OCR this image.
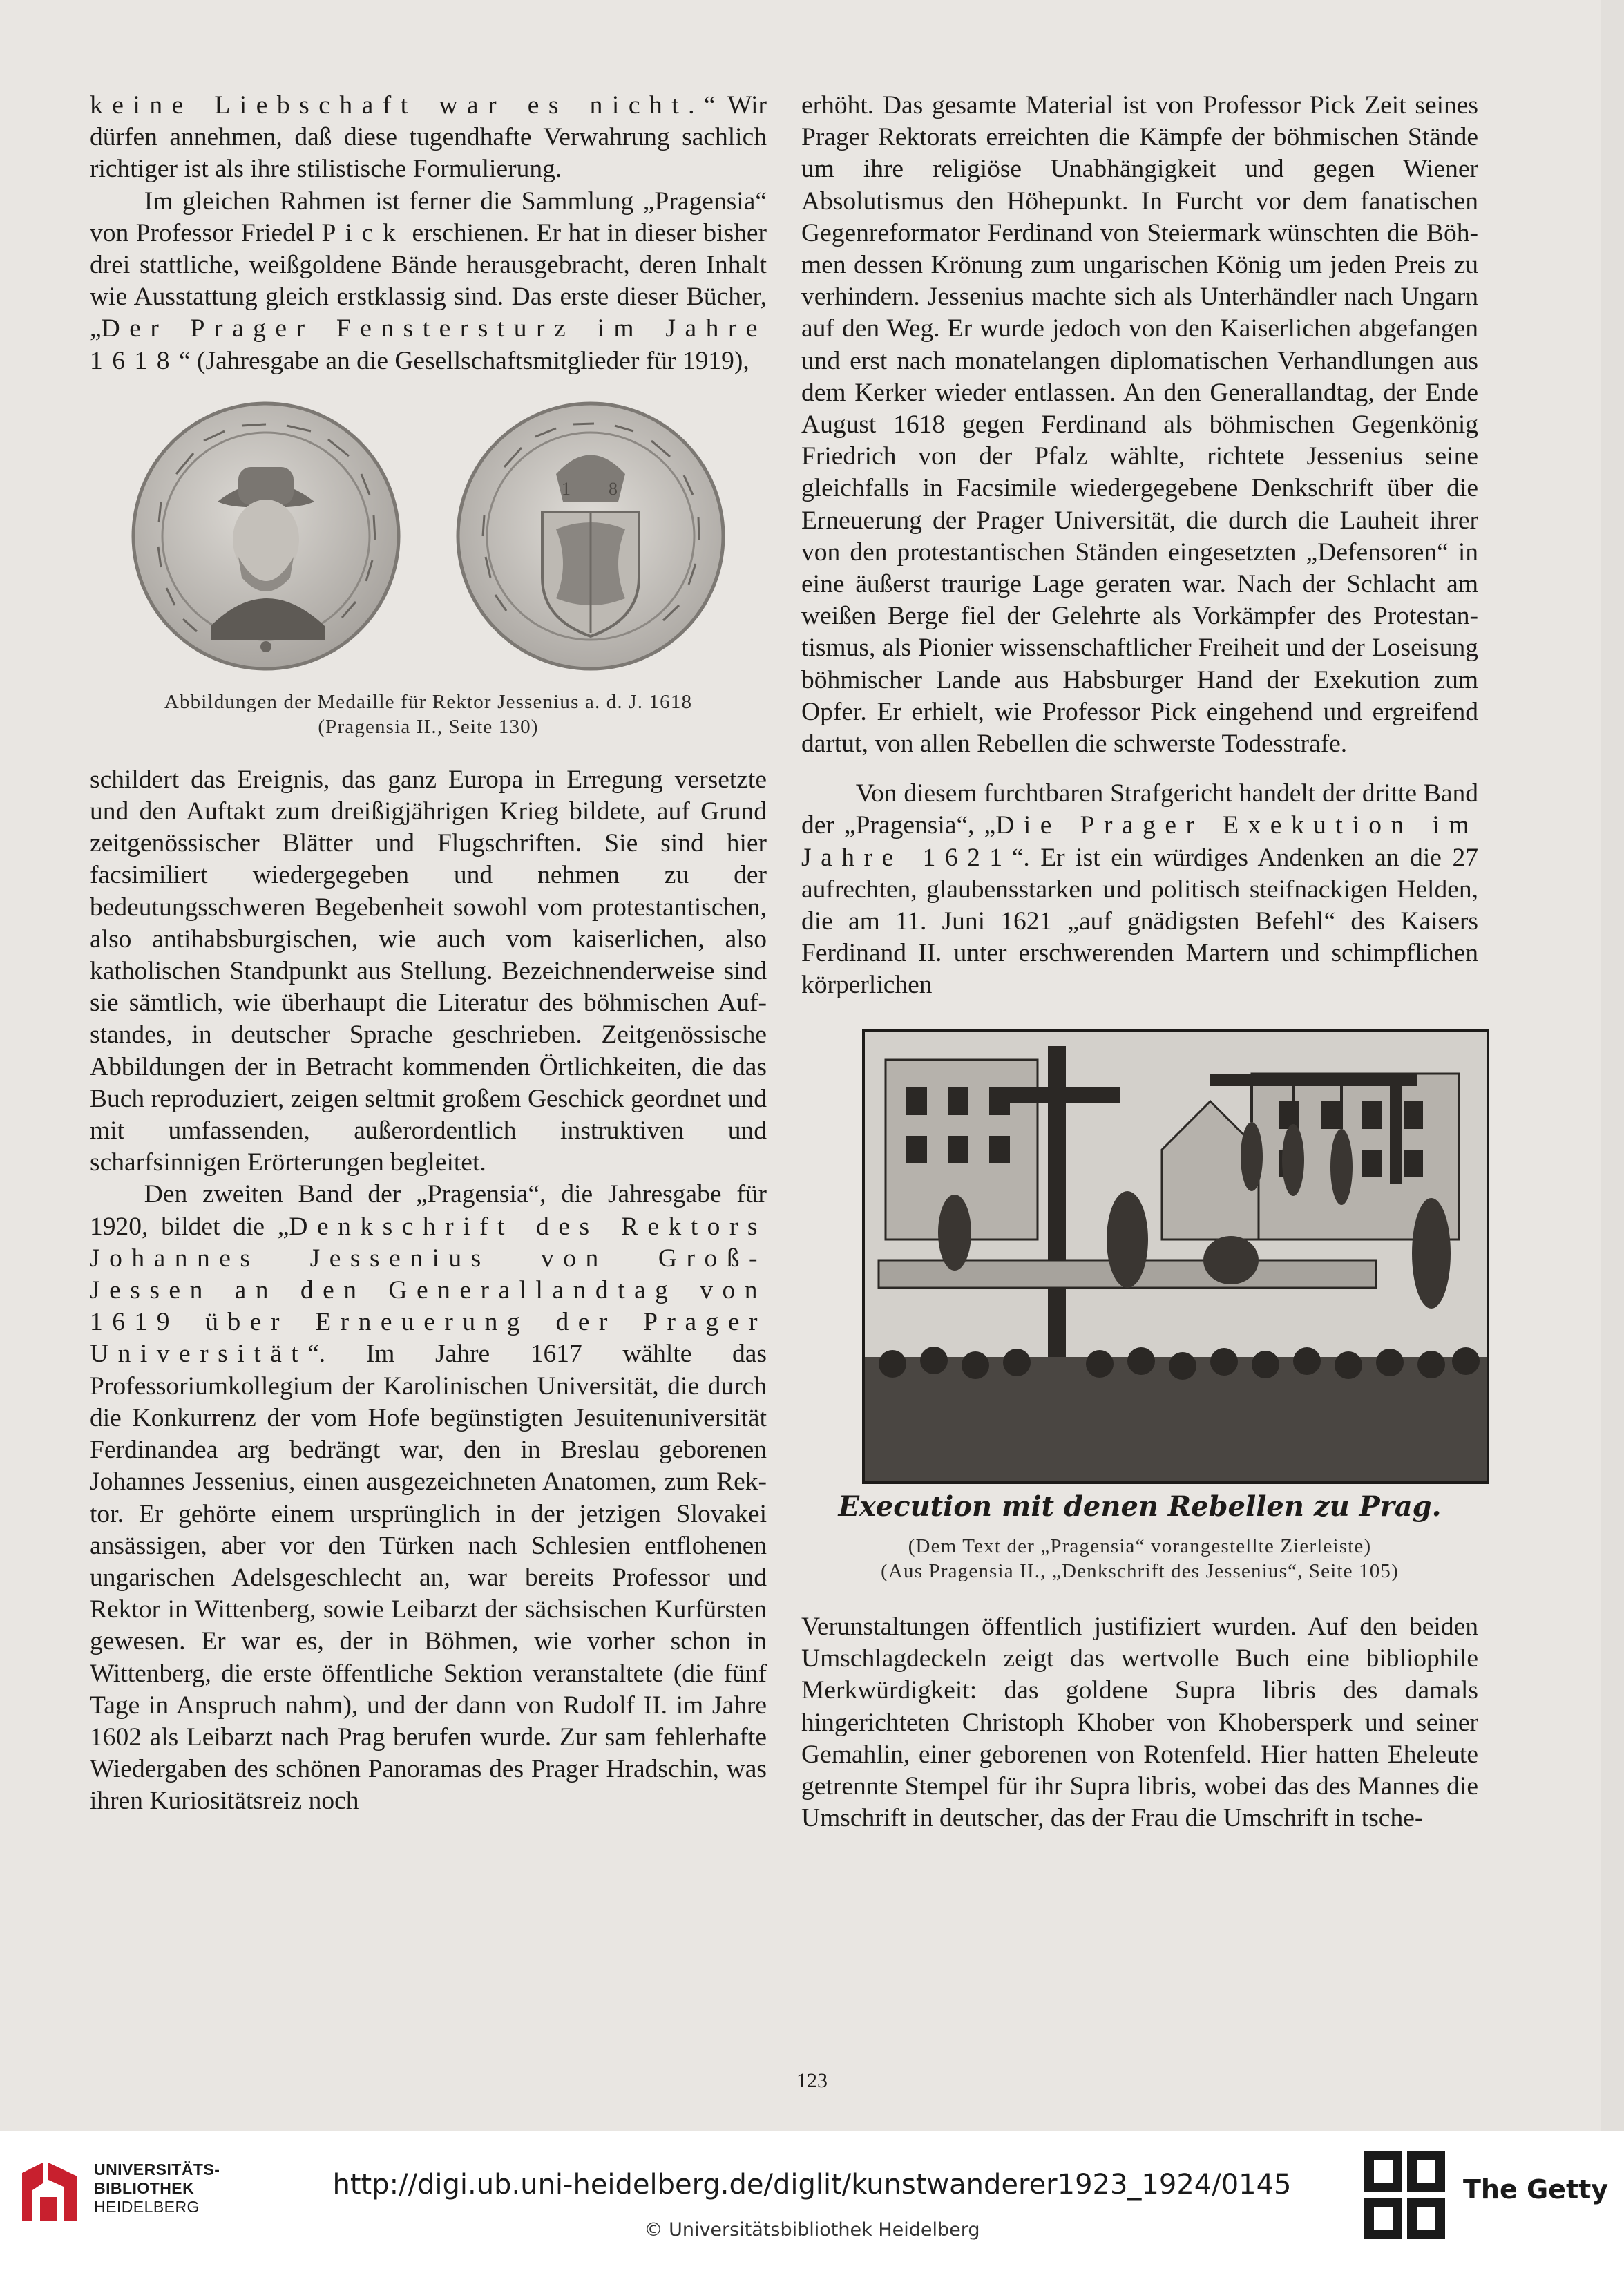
keine Liebschaft war es nicht.“ Wir dürfen annehmen, daß diese tugendhafte Verwahrung sachlich richtiger ist als ihre stilistische Formulierung.

Im gleichen Rahmen ist ferner die Sammlung „Pragensia“ von Professor Friedel Pick erschienen. Er hat in dieser bisher drei stattliche, weißgoldene Bände herausgebracht, deren Inhalt wie Ausstattung gleich erstklassig sind. Das erste dieser Bücher, „Der Prager Fenstersturz im Jahre 1618“ (Jahresgabe an die Gesellschaftsmitglieder für 1919),

1 8
Abbildungen der Medaille für Rektor Jessenius a. d. J. 1618
(Pragensia II., Seite 130)

schildert das Ereignis, das ganz Europa in Erregung versetzte und den Auftakt zum dreißigjährigen Krieg bildete, auf Grund zeitgenössischer Blätter und Flugschriften. Sie sind hier facsimiliert wiedergegeben und nehmen zu der bedeutungsschweren Begebenheit sowohl vom protestantischen, also antihabsburgischen, wie auch vom kaiserlichen, also katholischen Standpunkt aus Stellung. Bezeichnenderweise sind sie sämtlich, wie überhaupt die Literatur des böhmischen Aufstandes, in deutscher Sprache geschrieben. Zeitgenössische Abbildungen der in Betracht kommenden Örtlichkeiten, die das Buch reproduziert, zeigen seltmit großem Geschick geordnet und mit umfassenden, außerordentlich instruktiven und scharfsinnigen Erörterungen begleitet.

Den zweiten Band der „Pragensia“, die Jahresgabe für 1920, bildet die „Denkschrift des Rektors Johannes Jessenius von Groß-Jessen an den Generallandtag von 1619 über Erneuerung der Prager Universität“. Im Jahre 1617 wählte das Professoriumkollegium der Karolinischen Universität, die durch die Konkurrenz der vom Hofe begünstigten Jesuitenuniversität Ferdinandea arg bedrängt war, den in Breslau geborenen Johannes Jessenius, einen ausgezeichneten Anatomen, zum Rektor. Er gehörte einem ursprünglich in der jetzigen Slovakei ansässigen, aber vor den Türken nach Schlesien entflohenen ungarischen Adelsgeschlecht an, war bereits Professor und Rektor in Wittenberg, sowie Leibarzt der sächsischen Kurfürsten gewesen. Er war es, der in Böhmen, wie vorher schon in Wittenberg, die erste öffentliche Sektion veranstaltete (die fünf Tage in Anspruch nahm), und der dann von Rudolf II. im Jahre 1602 als Leibarzt nach Prag berufen wurde. Zur sam fehlerhafte Wiedergaben des schönen Panoramas des Prager Hradschin, was ihren Kuriositätsreiz noch

erhöht. Das gesamte Material ist von Professor Pick Zeit seines Prager Rektorats erreichten die Kämpfe der böhmischen Stände um ihre religiöse Unabhängigkeit und gegen Wiener Absolutismus den Höhepunkt. In Furcht vor dem fanatischen Gegenreformator Ferdinand von Steiermark wünschten die Böhmen dessen Krönung zum ungarischen König um jeden Preis zu verhindern. Jessenius machte sich als Unterhändler nach Ungarn auf den Weg. Er wurde jedoch von den Kaiserlichen abgefangen und erst nach monatelangen diplomatischen Verhandlungen aus dem Kerker wieder entlassen. An den Generallandtag, der Ende August 1618 gegen Ferdinand als böhmischen Gegenkönig Friedrich von der Pfalz wählte, richtete Jessenius seine gleichfalls in Facsimile wiedergegebene Denkschrift über die Erneuerung der Prager Universität, die durch die Lauheit ihrer von den protestantischen Ständen eingesetzten „Defensoren“ in eine äußerst traurige Lage geraten war. Nach der Schlacht am weißen Berge fiel der Gelehrte als Vorkämpfer des Protestantismus, als Pionier wissenschaftlicher Freiheit und der Loseisung böhmischer Lande aus Habsburger Hand der Exekution zum Opfer. Er erhielt, wie Professor Pick eingehend und ergreifend dartut, von allen Rebellen die schwerste Todesstrafe.

Von diesem furchtbaren Strafgericht handelt der dritte Band der „Pragensia“, „Die Prager Exekution im Jahre 1621“. Er ist ein würdiges Andenken an die 27 aufrechten, glaubensstarken und politisch steifnackigen Helden, die am 11. Juni 1621 „auf gnädigsten Befehl“ des Kaisers Ferdinand II. unter erschwerenden Martern und schimpflichen körperlichen

Execution mit denen Rebellen zu Prag.
(Dem Text der „Pragensia“ vorangestellte Zierleiste)
(Aus Pragensia II., „Denkschrift des Jessenius“, Seite 105)

Verunstaltungen öffentlich justifiziert wurden. Auf den beiden Umschlagdeckeln zeigt das wertvolle Buch eine bibliophile Merkwürdigkeit: das goldene Supra libris des damals hingerichteten Christoph Khober von Khobersperk und seiner Gemahlin, einer geborenen von Rotenfeld. Hier hatten Eheleute getrennte Stempel für ihr Supra libris, wobei das des Mannes die Umschrift in deutscher, das der Frau die Umschrift in tsche-

123
UNIVERSITÄTS-
BIBLIOTHEK
HEIDELBERG
http://digi.ub.uni-heidelberg.de/diglit/kunstwanderer1923_1924/0145
© Universitätsbibliothek Heidelberg
The Getty
